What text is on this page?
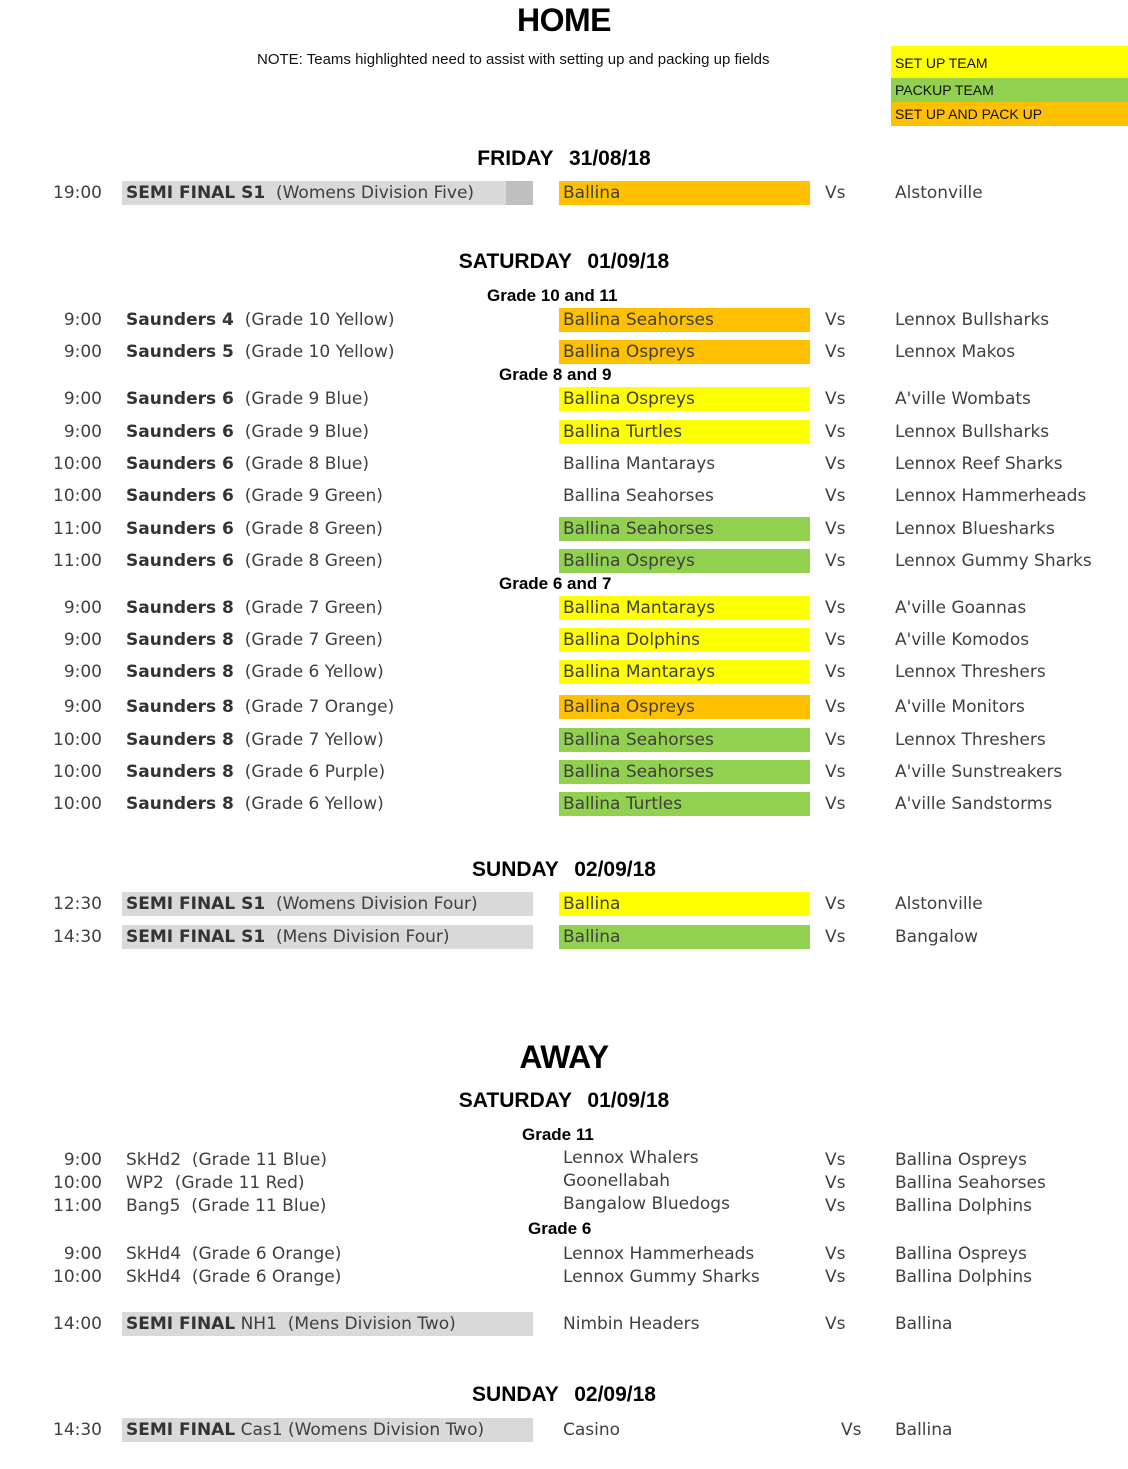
HOME
NOTE: Teams highlighted need to assist with setting up and packing up fields	SET UP TEAM
PACKUP TEAM
SET UP AND PACK UP
FRIDAY 31/08/18
19:00 SEMI FINAL S1 (Womens Division Five)	Ballina	Vs	Alstonville
SATURDAY 01/09/18
Grade 10 and 11
Grade 8 and 9
Grade 6 and 7
9:00 Saunders 4 (Grade 10 Yellow)	Ballina Seahorses	Vs	Lennox Bullsharks
9:00 Saunders 5 (Grade 10 Yellow)	Ballina Ospreys	Vs	Lennox Makos
9:00 Saunders 6 (Grade 9 Blue)	Ballina Ospreys	Vs	A'ville Wombats
9:00 Saunders 6 (Grade 9 Blue)	Ballina Turtles	Vs	Lennox Bullsharks
10:00 Saunders 6 (Grade 8 Blue)	Ballina Mantarays	Vs	Lennox Reef Sharks
10:00 Saunders 6 (Grade 9 Green)	Ballina Seahorses	Vs	Lennox Hammerheads
11:00 Saunders 6 (Grade 8 Green)	Ballina Seahorses	Vs	Lennox Bluesharks
11:00 Saunders 6 (Grade 8 Green)	Ballina Ospreys	Vs	Lennox Gummy Sharks
9:00 Saunders 8 (Grade 7 Green)	Ballina Mantarays	Vs	A'ville Goannas
9:00 Saunders 8 (Grade 7 Green)	Ballina Dolphins	Vs	A'ville Komodos
9:00 Saunders 8 (Grade 6 Yellow)	Ballina Mantarays	Vs	Lennox Threshers
9:00 Saunders 8 (Grade 7 Orange)	Ballina Ospreys	Vs	A'ville Monitors
10:00 Saunders 8 (Grade 7 Yellow)	Ballina Seahorses	Vs	Lennox Threshers
10:00 Saunders 8 (Grade 6 Purple)	Ballina Seahorses	Vs	A'ville Sunstreakers
10:00 Saunders 8 (Grade 6 Yellow)	Ballina Turtles	Vs	A'ville Sandstorms
12:30 SEMI FINAL S1 (Womens Division Four)	Ballina	Vs	Alstonville
14:30 SEMI FINAL S1 (Mens Division Four)	Ballina	Vs	Bangalow
SUNDAY 02/09/18
AWAY
SATURDAY 01/09/18
Grade 11
Grade 6
9:00 SkHd2 (Grade 11 Blue)	Lennox Whalers	Vs	Ballina Ospreys
10:00 WP2 (Grade 11 Red)	Goonellabah	Vs	Ballina Seahorses
11:00 Bang5 (Grade 11 Blue)	Bangalow Bluedogs	Vs	Ballina Dolphins
9:00 SkHd4 (Grade 6 Orange)	Lennox Hammerheads	Vs	Ballina Ospreys
10:00 SkHd4 (Grade 6 Orange)	Lennox Gummy Sharks	Vs	Ballina Dolphins
14:00 SEMI FINAL NH1 (Mens Division Two)	Nimbin Headers	Vs	Ballina
14:30 SEMI FINAL Cas1 (Womens Division Two)	Casino	Vs Ballina
SUNDAY 02/09/18
